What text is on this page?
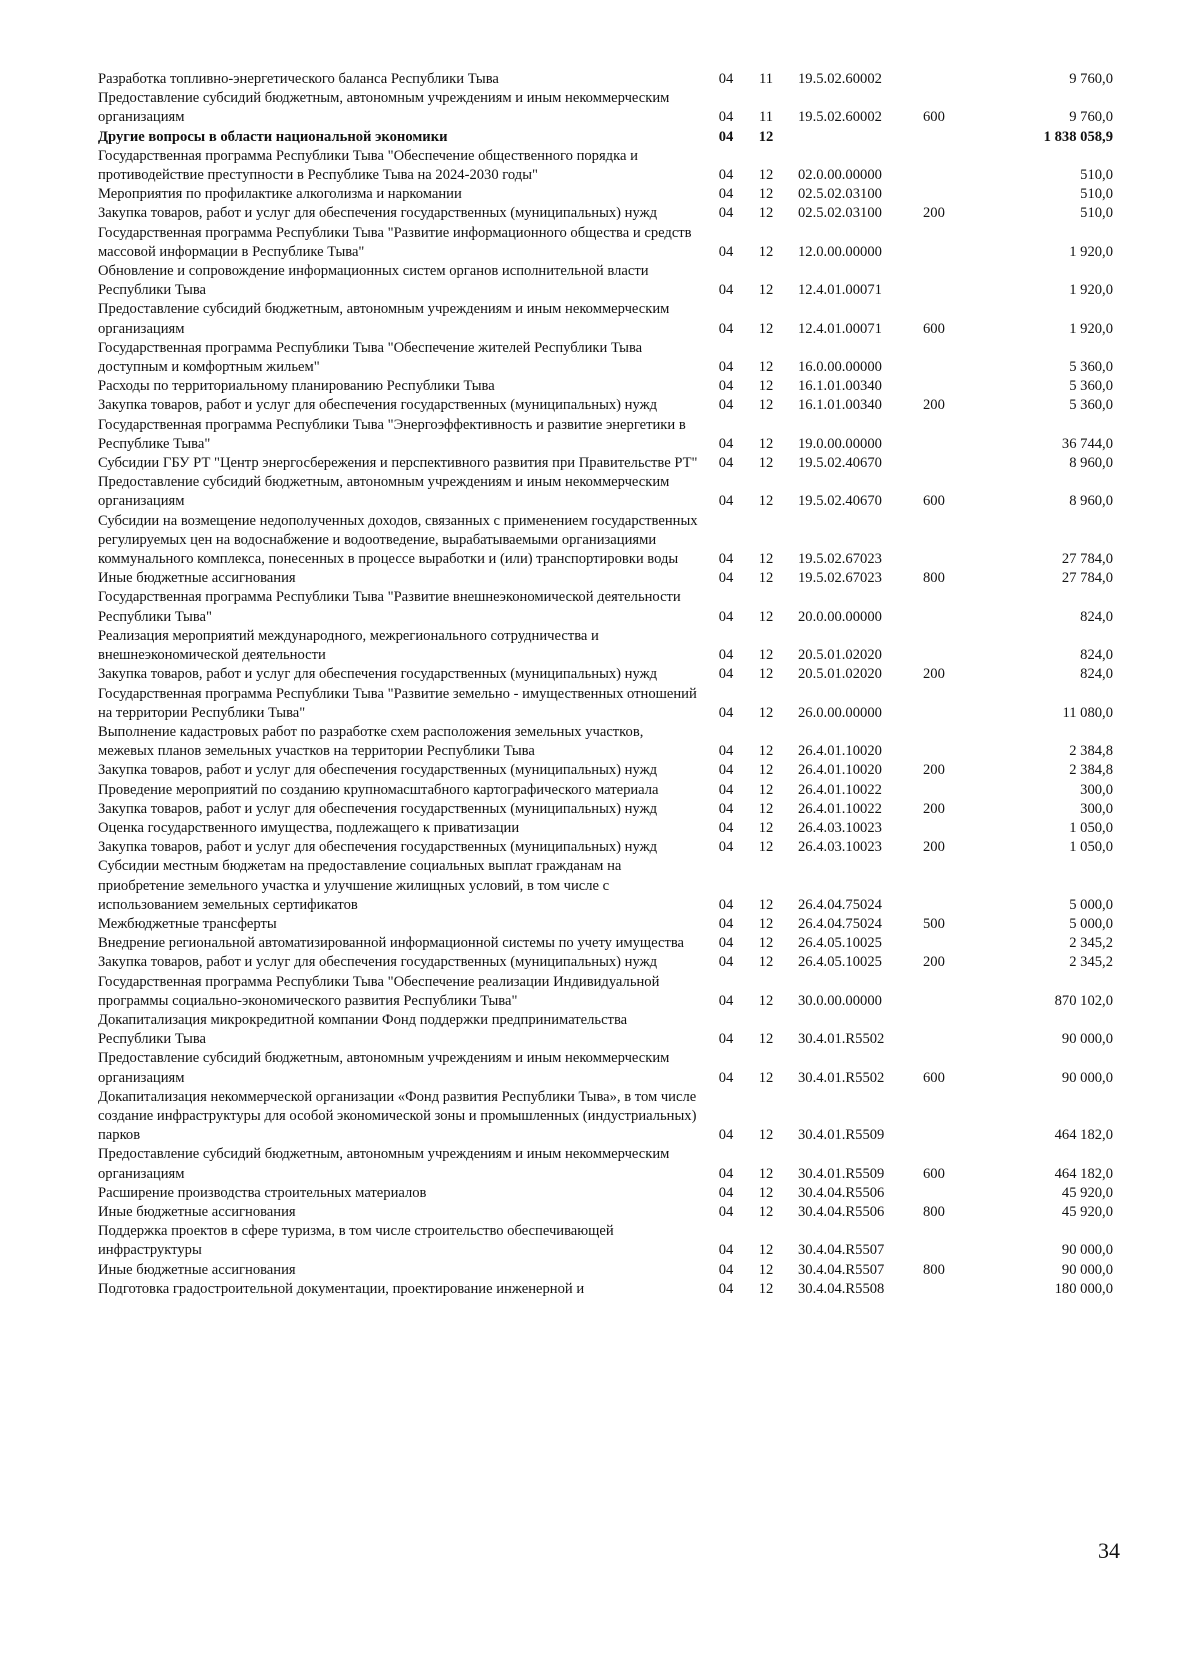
Разработка топливно-энергетического баланса Республики Тыва	04	11	19.5.02.60002		9 760,0
Предоставление субсидий бюджетным, автономным учреждениям и иным некоммерческим организациям	04	11	19.5.02.60002	600	9 760,0
Другие вопросы в области национальной экономики	04	12			1 838 058,9
Государственная программа Республики Тыва "Обеспечение общественного порядка и противодействие преступности в Республике Тыва на 2024-2030 годы"	04	12	02.0.00.00000		510,0
Мероприятия по профилактике алкоголизма и наркомании	04	12	02.5.02.03100		510,0
Закупка товаров, работ и услуг для обеспечения государственных (муниципальных) нужд	04	12	02.5.02.03100	200	510,0
Государственная программа Республики Тыва "Развитие информационного общества и средств массовой информации в Республике Тыва"	04	12	12.0.00.00000		1 920,0
Обновление и сопровождение информационных систем органов исполнительной власти Республики Тыва	04	12	12.4.01.00071		1 920,0
Предоставление субсидий бюджетным, автономным учреждениям и иным некоммерческим организациям	04	12	12.4.01.00071	600	1 920,0
Государственная программа Республики Тыва "Обеспечение жителей Республики Тыва доступным и комфортным жильем"	04	12	16.0.00.00000		5 360,0
Расходы по территориальному планированию Республики Тыва	04	12	16.1.01.00340		5 360,0
Закупка товаров, работ и услуг для обеспечения государственных (муниципальных) нужд	04	12	16.1.01.00340	200	5 360,0
Государственная программа Республики Тыва "Энергоэффективность и развитие энергетики в Республике Тыва"	04	12	19.0.00.00000		36 744,0
Субсидии ГБУ РТ "Центр энергосбережения и перспективного развития при Правительстве РТ"	04	12	19.5.02.40670		8 960,0
Предоставление субсидий бюджетным, автономным учреждениям и иным некоммерческим организациям	04	12	19.5.02.40670	600	8 960,0
Субсидии на возмещение недополученных доходов, связанных с применением государственных регулируемых цен на водоснабжение и водоотведение, вырабатываемыми организациями коммунального комплекса, понесенных в процессе выработки и (или) транспортировки воды	04	12	19.5.02.67023		27 784,0
Иные бюджетные ассигнования	04	12	19.5.02.67023	800	27 784,0
Государственная программа Республики Тыва "Развитие внешнеэкономической деятельности Республики Тыва"	04	12	20.0.00.00000		824,0
Реализация мероприятий международного, межрегионального сотрудничества и внешнеэкономической деятельности	04	12	20.5.01.02020		824,0
Закупка товаров, работ и услуг для обеспечения государственных (муниципальных) нужд	04	12	20.5.01.02020	200	824,0
Государственная программа Республики Тыва "Развитие земельно - имущественных отношений на территории Республики Тыва"	04	12	26.0.00.00000		11 080,0
Выполнение кадастровых работ по разработке схем расположения земельных участков, межевых планов земельных участков на территории Республики Тыва	04	12	26.4.01.10020		2 384,8
Закупка товаров, работ и услуг для обеспечения государственных (муниципальных) нужд	04	12	26.4.01.10020	200	2 384,8
Проведение мероприятий по созданию крупномасштабного картографического материала	04	12	26.4.01.10022		300,0
Закупка товаров, работ и услуг для обеспечения государственных (муниципальных) нужд	04	12	26.4.01.10022	200	300,0
Оценка государственного имущества, подлежащего к приватизации	04	12	26.4.03.10023		1 050,0
Закупка товаров, работ и услуг для обеспечения государственных (муниципальных) нужд	04	12	26.4.03.10023	200	1 050,0
Субсидии местным бюджетам на предоставление социальных выплат гражданам на приобретение земельного участка и улучшение жилищных условий, в том числе с использованием земельных сертификатов	04	12	26.4.04.75024		5 000,0
Межбюджетные трансферты	04	12	26.4.04.75024	500	5 000,0
Внедрение региональной автоматизированной информационной системы по учету имущества	04	12	26.4.05.10025		2 345,2
Закупка товаров, работ и услуг для обеспечения государственных (муниципальных) нужд	04	12	26.4.05.10025	200	2 345,2
Государственная программа Республики Тыва "Обеспечение реализации Индивидуальной программы социально-экономического развития Республики Тыва"	04	12	30.0.00.00000		870 102,0
Докапитализация микрокредитной компании Фонд поддержки предпринимательства Республики Тыва	04	12	30.4.01.R5502		90 000,0
Предоставление субсидий бюджетным, автономным учреждениям и иным некоммерческим организациям	04	12	30.4.01.R5502	600	90 000,0
Докапитализация некоммерческой организации «Фонд развития Республики Тыва», в том числе создание инфраструктуры для особой экономической зоны и промышленных (индустриальных) парков	04	12	30.4.01.R5509		464 182,0
Предоставление субсидий бюджетным, автономным учреждениям и иным некоммерческим организациям	04	12	30.4.01.R5509	600	464 182,0
Расширение производства строительных материалов	04	12	30.4.04.R5506		45 920,0
Иные бюджетные ассигнования	04	12	30.4.04.R5506	800	45 920,0
Поддержка проектов в сфере туризма, в том числе строительство обеспечивающей инфраструктуры	04	12	30.4.04.R5507		90 000,0
Иные бюджетные ассигнования	04	12	30.4.04.R5507	800	90 000,0
Подготовка градостроительной документации, проектирование инженерной и	04	12	30.4.04.R5508		180 000,0
34
